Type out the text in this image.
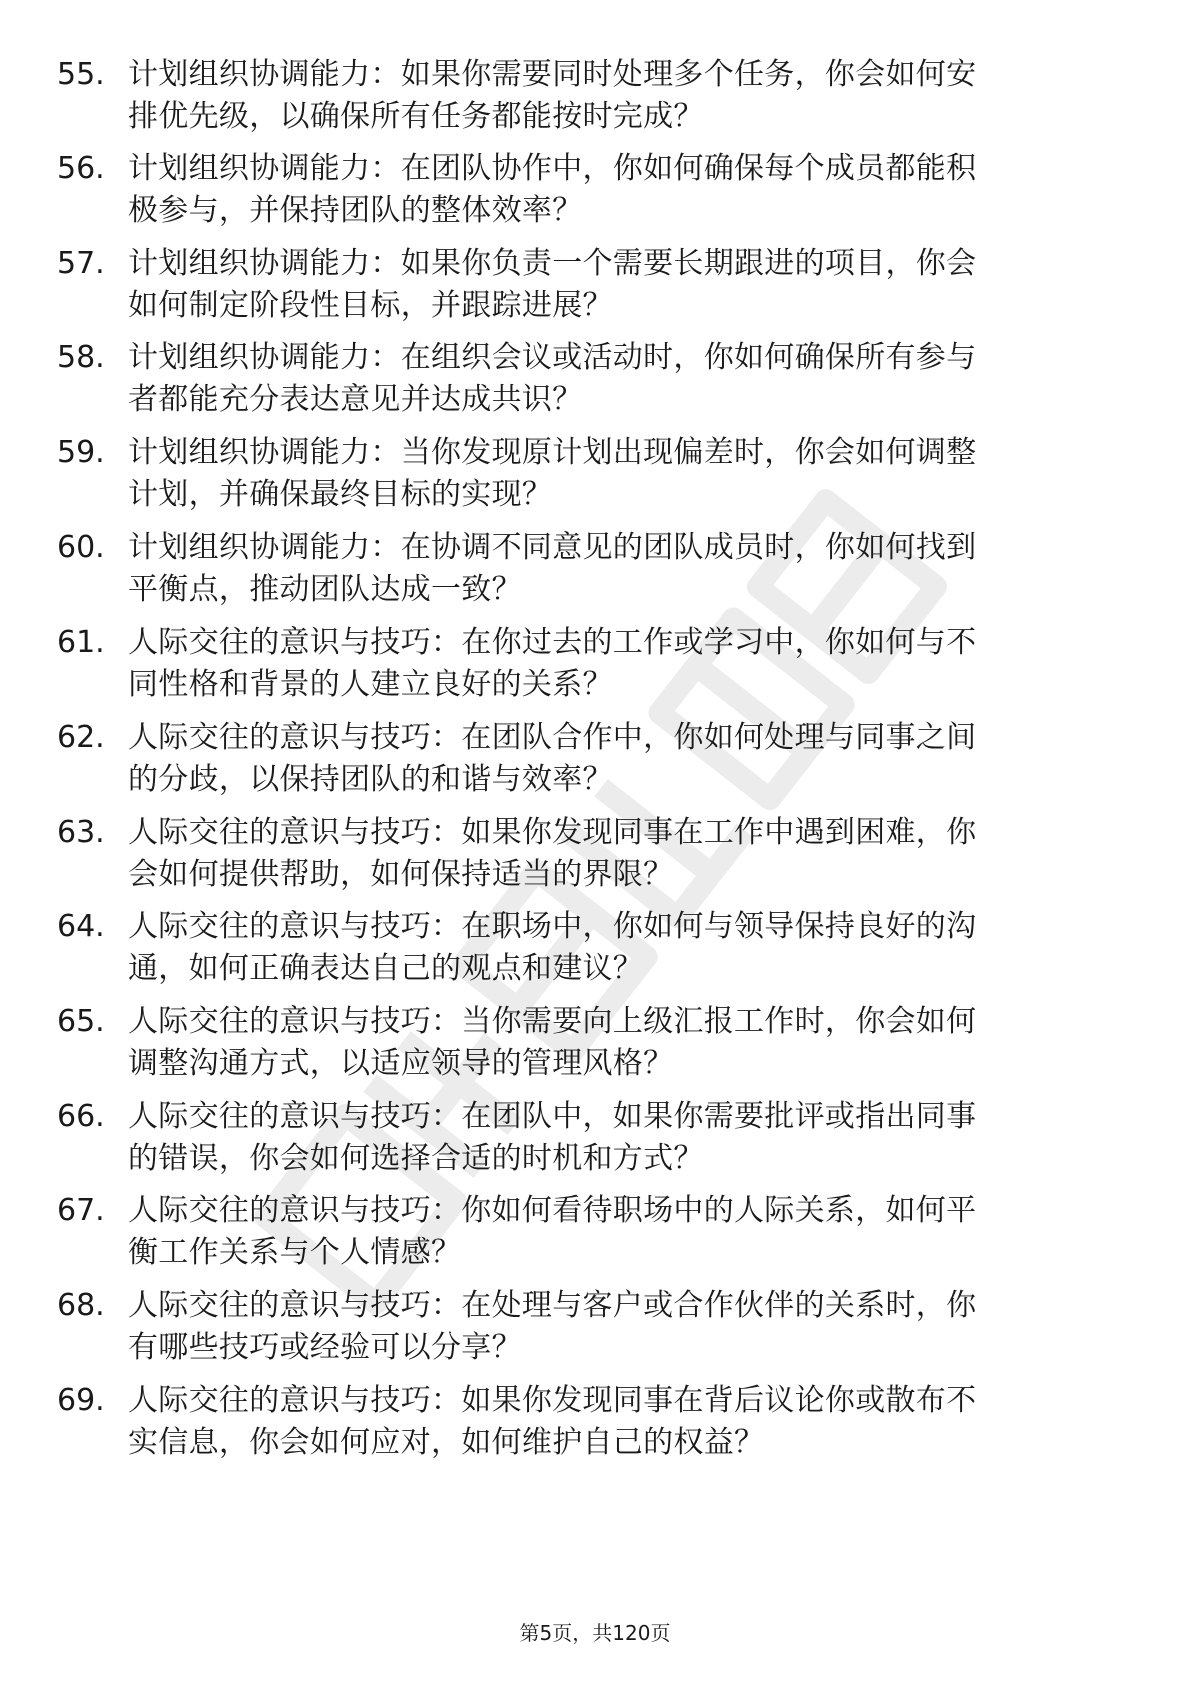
55. 计划组织协调能力：如果你需要同时处理多个任务，你会如何安
排优先级，以确保所有任务都能按时完成？
56. 计划组织协调能力：在团队协作中，你如何确保每个成员都能积
极参与，并保持团队的整体效率？
57. 计划组织协调能力：如果你负责一个需要长期跟进的项目，你会
如何制定阶段性目标，并跟踪进展？
58. 计划组织协调能力：在组织会议或活动时，你如何确保所有参与
者都能充分表达意见并达成共识？
59. 计划组织协调能力：当你发现原计划出现偏差时，你会如何调整
计划，并确保最终目标的实现？
60. 计划组织协调能力：在协调不同意见的团队成员时，你如何找到
平衡点，推动团队达成一致？
61. 人际交往的意识与技巧：在你过去的工作或学习中，你如何与不
同性格和背景的人建立良好的关系？
62. 人际交往的意识与技巧：在团队合作中，你如何处理与同事之间
的分歧，以保持团队的和谐与效率？
63. 人际交往的意识与技巧：如果你发现同事在工作中遇到困难，你
会如何提供帮助，如何保持适当的界限？
64. 人际交往的意识与技巧：在职场中，你如何与领导保持良好的沟
通，如何正确表达自己的观点和建议？
65. 人际交往的意识与技巧：当你需要向上级汇报工作时，你会如何
调整沟通方式，以适应领导的管理风格？
66. 人际交往的意识与技巧：在团队中，如果你需要批评或指出同事
的错误，你会如何选择合适的时机和方式？
67. 人际交往的意识与技巧：你如何看待职场中的人际关系，如何平
衡工作关系与个人情感？
68. 人际交往的意识与技巧：在处理与客户或合作伙伴的关系时，你
有哪些技巧或经验可以分享？
69. 人际交往的意识与技巧：如果你发现同事在背后议论你或散布不
实信息，你会如何应对，如何维护自己的权益？
第5页，共120页
